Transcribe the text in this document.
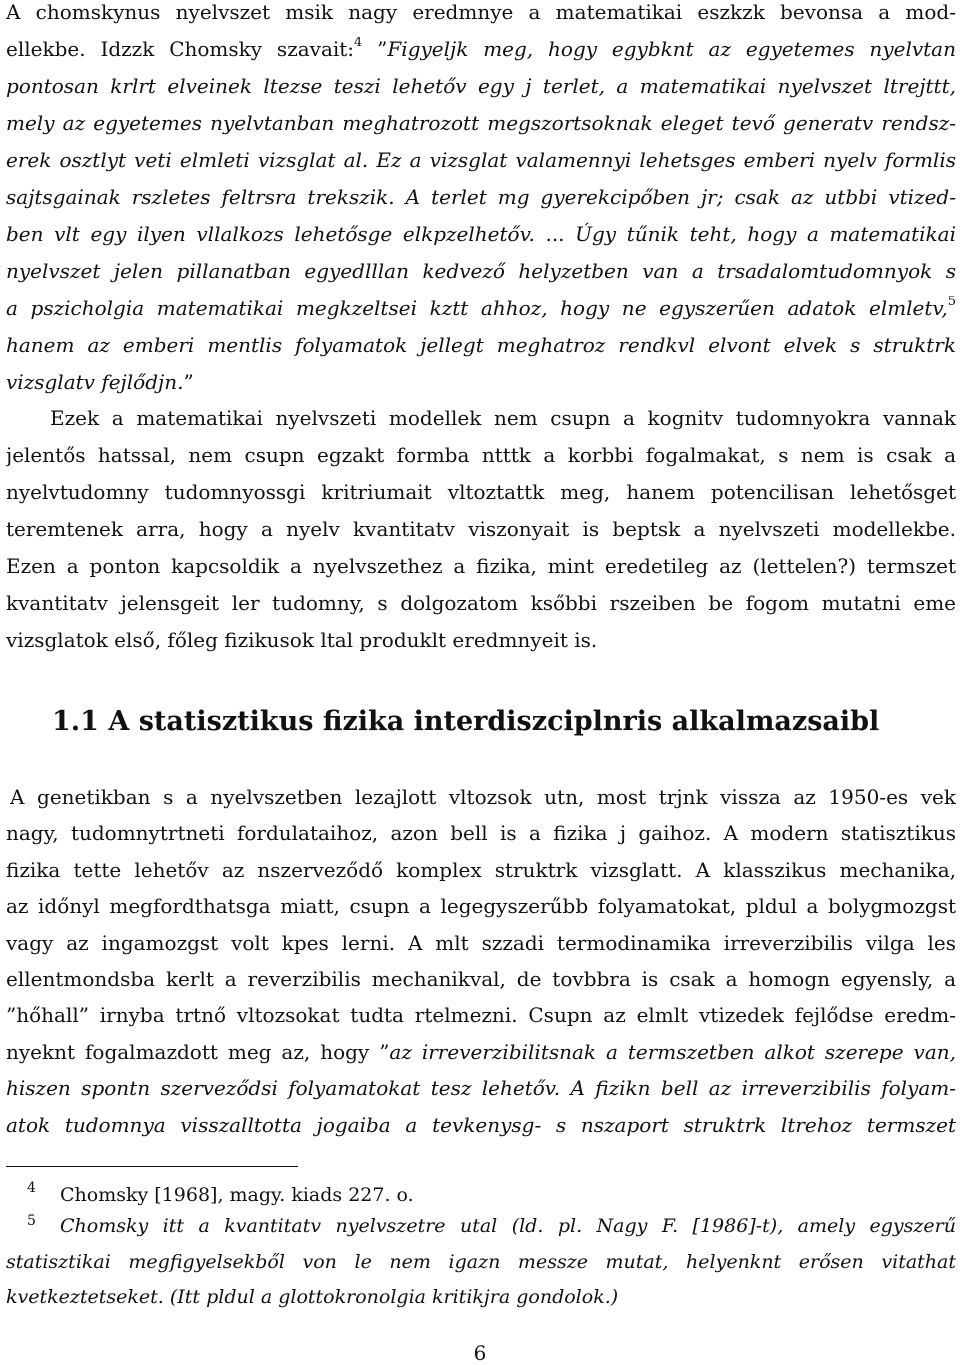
A chomskynus nyelvszet msik nagy eredmnye a matematikai eszkzk bevonsa a mod-
ellekbe. Idzzk Chomsky szavait:$^4$ ”Figyeljk meg, hogy egybknt az egyetemes nyelvtan
pontosan krlrt elveinek ltezse teszi lehetőv egy j terlet, a matematikai nyelvszet ltrejttt,
mely az egyetemes nyelvtanban meghatrozott megszortsoknak eleget tevő generatv rendsz-
erek osztlyt veti elmleti vizsglat al. Ez a vizsglat valamennyi lehetsges emberi nyelv formlis
sajtsgainak rszletes feltrsra trekszik. A terlet mg gyerekcipőben jr; csak az utbbi vtized-
ben vlt egy ilyen vllalkozs lehetősge elkpzelhetőv. ... Úgy tűnik teht, hogy a matematikai
nyelvszet jelen pillanatban egyedlllan kedvező helyzetben van a trsadalomtudomnyok s
a pszicholgia matematikai megkzeltsei kztt ahhoz, hogy ne egyszerűen adatok elmletv,$^5$
hanem az emberi mentlis folyamatok jellegt meghatroz rendkvl elvont elvek s struktrk
vizsglatv fejlődjn.”
Ezek a matematikai nyelvszeti modellek nem csupn a kognitv tudomnyokra vannak
jelentős hatssal, nem csupn egzakt formba ntttk a korbbi fogalmakat, s nem is csak a
nyelvtudomny tudomnyossgi kritriumait vltoztattk meg, hanem potencilisan lehetősget
teremtenek arra, hogy a nyelv kvantitatv viszonyait is beptsk a nyelvszeti modellekbe.
Ezen a ponton kapcsoldik a nyelvszethez a fizika, mint eredetileg az (lettelen?) termszet
kvantitatv jelensgeit ler tudomny, s dolgozatom ksőbbi rszeiben be fogom mutatni eme
vizsglatok első, főleg fizikusok ltal produklt eredmnyeit is.
1.1 A statisztikus fizika interdiszciplnris alkalmazsaibl
A genetikban s a nyelvszetben lezajlott vltozsok utn, most trjnk vissza az 1950-es vek
nagy, tudomnytrtneti fordulataihoz, azon bell is a fizika j gaihoz. A modern statisztikus
fizika tette lehetőv az nszerveződő komplex struktrk vizsglatt. A klasszikus mechanika,
az időnyl megfordthatsga miatt, csupn a legegyszerűbb folyamatokat, pldul a bolygmozgst
vagy az ingamozgst volt kpes lerni. A mlt szzadi termodinamika irreverzibilis vilga les
ellentmondsba kerlt a reverzibilis mechanikval, de tovbbra is csak a homogn egyensly, a
”hőhall” irnyba trtnő vltozsokat tudta rtelmezni. Csupn az elmlt vtizedek fejlődse eredm-
nyeknt fogalmazdott meg az, hogy ”az irreverzibilitsnak a termszetben alkot szerepe van,
hiszen spontn szerveződsi folyamatokat tesz lehetőv. A fizikn bell az irreverzibilis folyam-
atok tudomnya visszalltotta jogaiba a tevkenysg- s nszaport struktrk ltrehoz termszet
4 Chomsky [1968], magy. kiads 227. o.
5 Chomsky itt a kvantitatv nyelvszetre utal (ld. pl. Nagy F. [1986]-t), amely egyszerű
statisztikai megfigyelsekből von le nem igazn messze mutat, helyenknt erősen vitathat
kvetkeztetseket. (Itt pldul a glottokronolgia kritikjra gondolok.)
6
